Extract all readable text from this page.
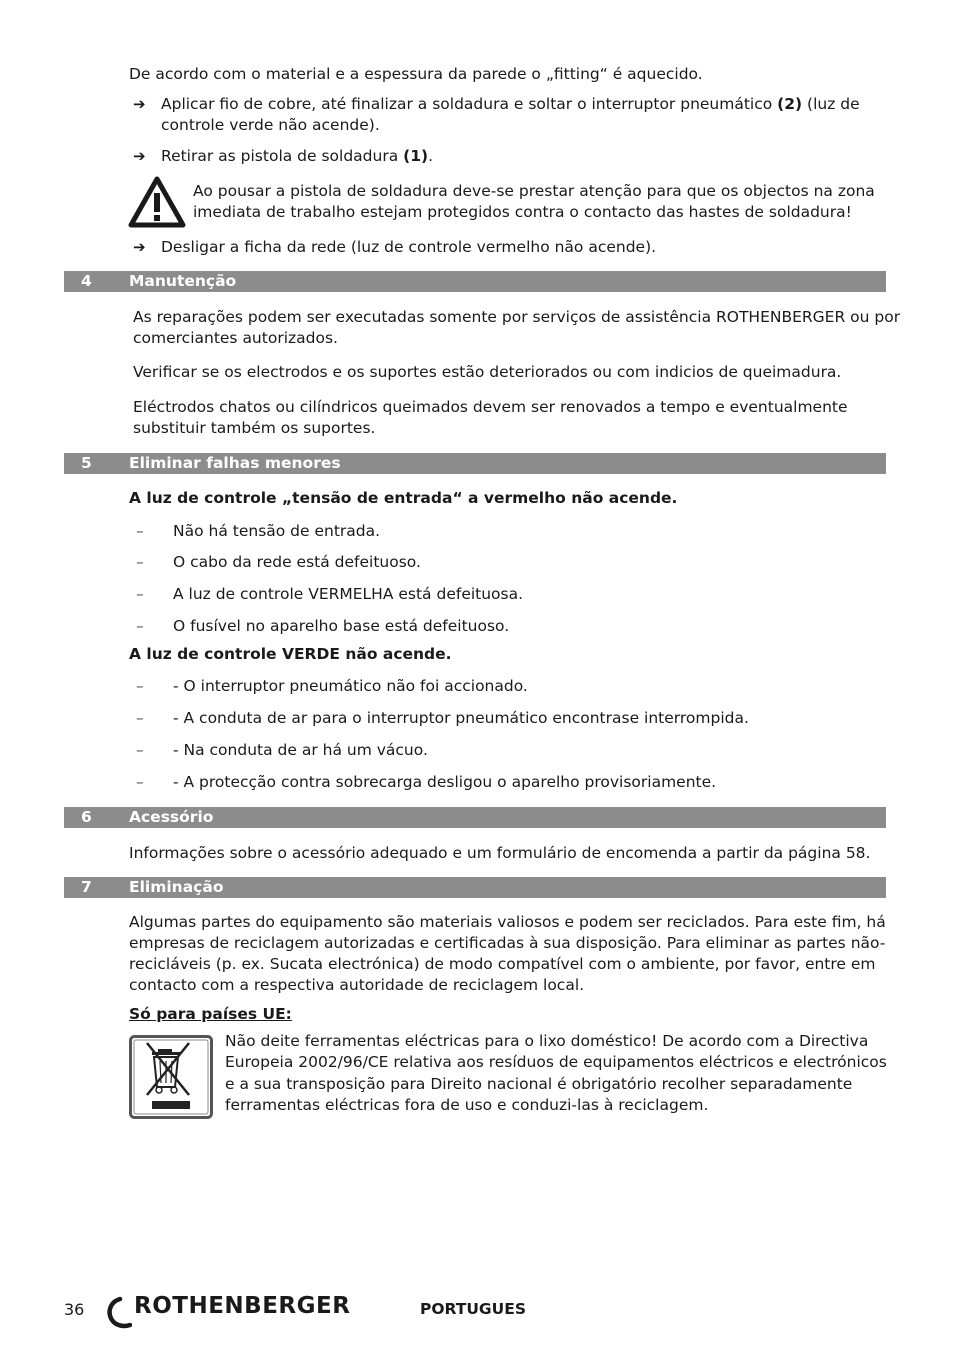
De acordo com o material e a espessura da parede o „fitting“ é aquecido.

➔ Aplicar fio de cobre, até finalizar a soldadura e soltar o interruptor pneumático (2) (luz de

controle verde não acende).

➔ Retirar as pistola de soldadura (1).

Ao pousar a pistola de soldadura deve-se prestar atenção para que os objectos na zona

imediata de trabalho estejam protegidos contra o contacto das hastes de soldadura!

➔ Desligar a ficha da rede (luz de controle vermelho não acende).

4 Manutenção

As reparações podem ser executadas somente por serviços de assistência ROTHENBERGER ou por

comerciantes autorizados.

Verificar se os electrodos e os suportes estão deteriorados ou com indicios de queimadura.

Eléctrodos chatos ou cilíndricos queimados devem ser renovados a tempo e eventualmente

substituir também os suportes.

5 Eliminar falhas menores

A luz de controle „tensão de entrada“ a vermelho não acende.

– Não há tensão de entrada.
– O cabo da rede está defeituoso.
– A luz de controle VERMELHA está defeituosa.
– O fusível no aparelho base está defeituoso.

A luz de controle VERDE não acende.

– - O interruptor pneumático não foi accionado.
– - A conduta de ar para o interruptor pneumático encontrase interrompida.
– - Na conduta de ar há um vácuo.
– - A protecção contra sobrecarga desligou o aparelho provisoriamente.
6 Acessório

Informações sobre o acessório adequado e um formulário de encomenda a partir da página 58.

7 Eliminação

Algumas partes do equipamento são materiais valiosos e podem ser reciclados. Para este fim, há

empresas de reciclagem autorizadas e certificadas à sua disposição. Para eliminar as partes não-

recicláveis (p. ex. Sucata electrónica) de modo compatível com o ambiente, por favor, entre em

contacto com a respectiva autoridade de reciclagem local.

Só para países UE:

Não deite ferramentas eléctricas para o lixo doméstico! De acordo com a Directiva

Europeia 2002/96/CE relativa aos resíduos de equipamentos eléctricos e electrónicos

e a sua transposição para Direito nacional é obrigatório recolher separadamente

ferramentas eléctricas fora de uso e conduzi-las à reciclagem.

36 ROTHENBERGER	PORTUGUES
